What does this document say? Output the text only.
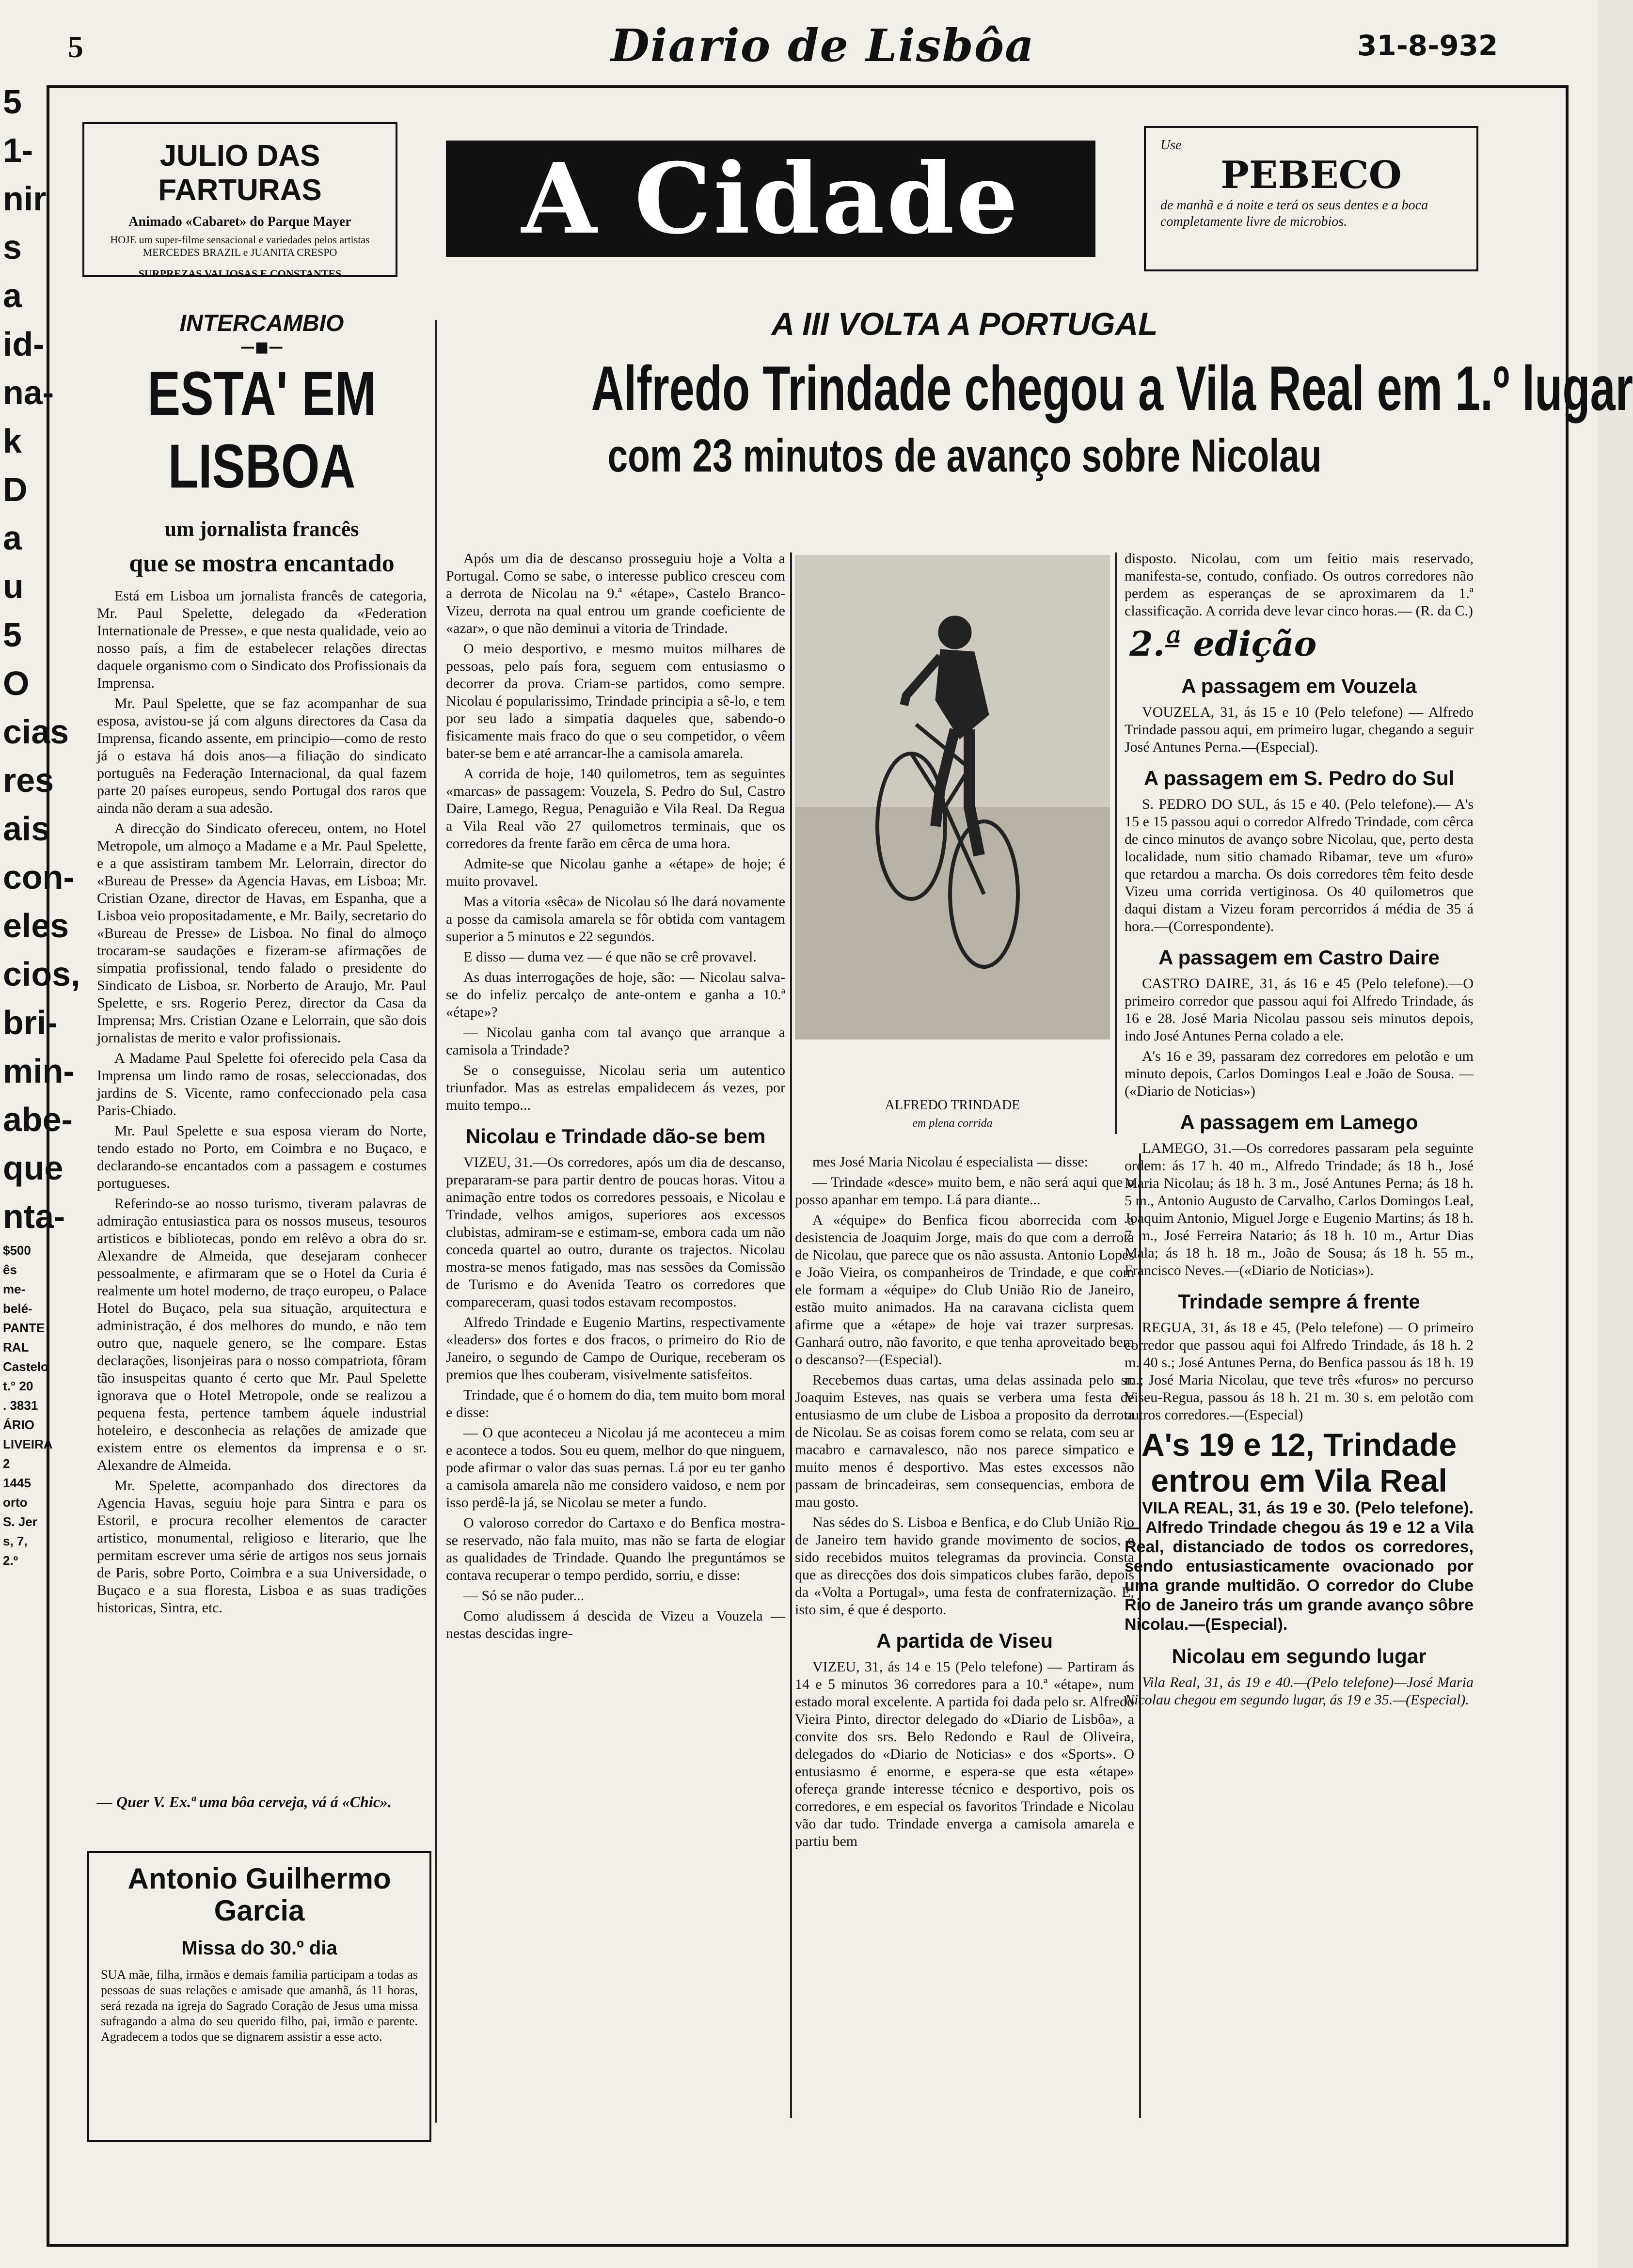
5	Diario de Lisbôa	31-8-932
5
1-
nir
s a
id-
na-
k
D
a
u
5
O
cias
res
ais
con-
eles
cios,
bri-
min-
abe-
que
nta-
$500
ês me-
belé-
PANTE
RAL
Castelo
t.° 20
. 3831
ÁRIO
LIVEIRA
2 1445
orto
S. Jer
s, 7, 2.º
JULIO DAS FARTURAS
Animado «Cabaret» do Parque Mayer
HOJE um super-filme sensacional e variedades pelos artistas MERCEDES BRAZIL e JUANITA CRESPO
SURPREZAS VALIOSAS E CONSTANTES
A Cidade	Use
PEBECO
de manhã e á noite e terá os seus dentes e a boca completamente livre de microbios.
INTERCAMBIO
—■—
ESTA' EM LISBOA
um jornalista francês
que se mostra encantado

Está em Lisboa um jornalista francês de categoria, Mr. Paul Spelette, delegado da «Federation Internationale de Presse», e que nesta qualidade, veio ao nosso país, a fim de estabelecer relações directas daquele organismo com o Sindicato dos Profissionais da Imprensa.

Mr. Paul Spelette, que se faz acompanhar de sua esposa, avistou-se já com alguns directores da Casa da Imprensa, ficando assente, em principio—como de resto já o estava há dois anos—a filiação do sindicato português na Federação Internacional, da qual fazem parte 20 países europeus, sendo Portugal dos raros que ainda não deram a sua adesão.

A direcção do Sindicato ofereceu, ontem, no Hotel Metropole, um almoço a Madame e a Mr. Paul Spelette, e a que assistiram tambem Mr. Lelorrain, director do «Bureau de Presse» da Agencia Havas, em Lisboa; Mr. Cristian Ozane, director de Havas, em Espanha, que a Lisboa veio propositadamente, e Mr. Baily, secretario do «Bureau de Presse» de Lisboa. No final do almoço trocaram-se saudações e fizeram-se afirmações de simpatia profissional, tendo falado o presidente do Sindicato de Lisboa, sr. Norberto de Araujo, Mr. Paul Spelette, e srs. Rogerio Perez, director da Casa da Imprensa; Mrs. Cristian Ozane e Lelorrain, que são dois jornalistas de merito e valor profissionais.

A Madame Paul Spelette foi oferecido pela Casa da Imprensa um lindo ramo de rosas, seleccionadas, dos jardins de S. Vicente, ramo confeccionado pela casa Paris-Chiado.

Mr. Paul Spelette e sua esposa vieram do Norte, tendo estado no Porto, em Coimbra e no Buçaco, e declarando-se encantados com a passagem e costumes portugueses.

Referindo-se ao nosso turismo, tiveram palavras de admiração entusiastica para os nossos museus, tesouros artisticos e bibliotecas, pondo em relêvo a obra do sr. Alexandre de Almeida, que desejaram conhecer pessoalmente, e afirmaram que se o Hotel da Curia é realmente um hotel moderno, de traço europeu, o Palace Hotel do Buçaco, pela sua situação, arquitectura e administração, é dos melhores do mundo, e não tem outro que, naquele genero, se lhe compare. Estas declarações, lisonjeiras para o nosso compatriota, fôram tão insuspeitas quanto é certo que Mr. Paul Spelette ignorava que o Hotel Metropole, onde se realizou a pequena festa, pertence tambem áquele industrial hoteleiro, e desconhecia as relações de amizade que existem entre os elementos da imprensa e o sr. Alexandre de Almeida.

Mr. Spelette, acompanhado dos directores da Agencia Havas, seguiu hoje para Sintra e para os Estoril, e procura recolher elementos de caracter artistico, monumental, religioso e literario, que lhe permitam escrever uma série de artigos nos seus jornais de Paris, sobre Porto, Coimbra e a sua Universidade, o Buçaco e a sua floresta, Lisboa e as suas tradições historicas, Sintra, etc.

— Quer V. Ex.ª uma bôa cerveja, vá á «Chic».
Antonio Guilhermo Garcia
Missa do 30.º dia
SUA mãe, filha, irmãos e demais familia participam a todas as pessoas de suas relações e amisade que amanhã, ás 11 horas, será rezada na igreja do Sagrado Coração de Jesus uma missa sufragando a alma do seu querido filho, pai, irmão e parente. Agradecem a todos que se dignarem assistir a esse acto.
A III VOLTA A PORTUGAL
Alfredo Trindade chegou a Vila Real em 1.º lugar
com 23 minutos de avanço sobre Nicolau

Após um dia de descanso prosseguiu hoje a Volta a Portugal. Como se sabe, o interesse publico cresceu com a derrota de Nicolau na 9.ª «étape», Castelo Branco-Vizeu, derrota na qual entrou um grande coeficiente de «azar», o que não deminui a vitoria de Trindade.

O meio desportivo, e mesmo muitos milhares de pessoas, pelo país fora, seguem com entusiasmo o decorrer da prova. Criam-se partidos, como sempre. Nicolau é popularissimo, Trindade principia a sê-lo, e tem por seu lado a simpatia daqueles que, sabendo-o fisicamente mais fraco do que o seu competidor, o vêem bater-se bem e até arrancar-lhe a camisola amarela.

A corrida de hoje, 140 quilometros, tem as seguintes «marcas» de passagem: Vouzela, S. Pedro do Sul, Castro Daire, Lamego, Regua, Penaguião e Vila Real. Da Regua a Vila Real vão 27 quilometros terminais, que os corredores da frente farão em cêrca de uma hora.

Admite-se que Nicolau ganhe a «étape» de hoje; é muito provavel.

Mas a vitoria «sêca» de Nicolau só lhe dará novamente a posse da camisola amarela se fôr obtida com vantagem superior a 5 minutos e 22 segundos.

E disso — duma vez — é que não se crê provavel.

As duas interrogações de hoje, são: — Nicolau salva-se do infeliz percalço de ante-ontem e ganha a 10.ª «étape»?

— Nicolau ganha com tal avanço que arranque a camisola a Trindade?

Se o conseguisse, Nicolau seria um autentico triunfador. Mas as estrelas empalidecem ás vezes, por muito tempo...

Nicolau e Trindade dão-se bem

VIZEU, 31.—Os corredores, após um dia de descanso, prepararam-se para partir dentro de poucas horas. Vitou a animação entre todos os corredores pessoais, e Nicolau e Trindade, velhos amigos, superiores aos excessos clubistas, admiram-se e estimam-se, embora cada um não conceda quartel ao outro, durante os trajectos. Nicolau mostra-se menos fatigado, mas nas sessões da Comissão de Turismo e do Avenida Teatro os corredores que compareceram, quasi todos estavam recompostos.

Alfredo Trindade e Eugenio Martins, respectivamente «leaders» dos fortes e dos fracos, o primeiro do Rio de Janeiro, o segundo de Campo de Ourique, receberam os premios que lhes couberam, visivelmente satisfeitos.

Trindade, que é o homem do dia, tem muito bom moral e disse:

— O que aconteceu a Nicolau já me aconteceu a mim e acontece a todos. Sou eu quem, melhor do que ninguem, pode afirmar o valor das suas pernas. Lá por eu ter ganho a camisola amarela não me considero vaidoso, e nem por isso perdê-la já, se Nicolau se meter a fundo.

O valoroso corredor do Cartaxo e do Benfica mostra-se reservado, não fala muito, mas não se farta de elogiar as qualidades de Trindade. Quando lhe preguntámos se contava recuperar o tempo perdido, sorriu, e disse:

— Só se não puder...

Como aludissem á descida de Vizeu a Vouzela — nestas descidas ingre-

ALFREDO TRINDADE
em plena corrida

mes José Maria Nicolau é especialista — disse:

— Trindade «desce» muito bem, e não será aqui que o posso apanhar em tempo. Lá para diante...

A «équipe» do Benfica ficou aborrecida com a desistencia de Joaquim Jorge, mais do que com a derrota de Nicolau, que parece que os não assusta. Antonio Lopes e João Vieira, os companheiros de Trindade, e que com ele formam a «équipe» do Club União Rio de Janeiro, estão muito animados. Ha na caravana ciclista quem afirme que a «étape» de hoje vai trazer surpresas. Ganhará outro, não favorito, e que tenha aproveitado bem o descanso?—(Especial).

Recebemos duas cartas, uma delas assinada pelo sr. Joaquim Esteves, nas quais se verbera uma festa de entusiasmo de um clube de Lisboa a proposito da derrota de Nicolau. Se as coisas forem como se relata, com seu ar macabro e carnavalesco, não nos parece simpatico e muito menos é desportivo. Mas estes excessos não passam de brincadeiras, sem consequencias, embora de mau gosto.

Nas sédes do S. Lisboa e Benfica, e do Club União Rio de Janeiro tem havido grande movimento de socios, e sido recebidos muitos telegramas da provincia. Consta que as direcções dos dois simpaticos clubes farão, depois da «Volta a Portugal», uma festa de confraternização. E, isto sim, é que é desporto.

A partida de Viseu

VIZEU, 31, ás 14 e 15 (Pelo telefone) — Partiram ás 14 e 5 minutos 36 corredores para a 10.ª «étape», num estado moral excelente. A partida foi dada pelo sr. Alfredo Vieira Pinto, director delegado do «Diario de Lisbôa», a convite dos srs. Belo Redondo e Raul de Oliveira, delegados do «Diario de Noticias» e dos «Sports». O entusiasmo é enorme, e espera-se que esta «étape» ofereça grande interesse técnico e desportivo, pois os corredores, e em especial os favoritos Trindade e Nicolau vão dar tudo. Trindade enverga a camisola amarela e partiu bem

disposto. Nicolau, com um feitio mais reservado, manifesta-se, contudo, confiado. Os outros corredores não perdem as esperanças de se aproximarem da 1.ª classificação. A corrida deve levar cinco horas.— (R. da C.)

2.ª edição
A passagem em Vouzela

VOUZELA, 31, ás 15 e 10 (Pelo telefone) — Alfredo Trindade passou aqui, em primeiro lugar, chegando a seguir José Antunes Perna.—(Especial).

A passagem em S. Pedro do Sul

S. PEDRO DO SUL, ás 15 e 40. (Pelo telefone).— A's 15 e 15 passou aqui o corredor Alfredo Trindade, com cêrca de cinco minutos de avanço sobre Nicolau, que, perto desta localidade, num sitio chamado Ribamar, teve um «furo» que retardou a marcha. Os dois corredores têm feito desde Vizeu uma corrida vertiginosa. Os 40 quilometros que daqui distam a Vizeu foram percorridos á média de 35 á hora.—(Correspondente).

A passagem em Castro Daire

CASTRO DAIRE, 31, ás 16 e 45 (Pelo telefone).—O primeiro corredor que passou aqui foi Alfredo Trindade, ás 16 e 28. José Maria Nicolau passou seis minutos depois, indo José Antunes Perna colado a ele.

A's 16 e 39, passaram dez corredores em pelotão e um minuto depois, Carlos Domingos Leal e João de Sousa. —(«Diario de Noticias»)

A passagem em Lamego

LAMEGO, 31.—Os corredores passaram pela seguinte ordem: ás 17 h. 40 m., Alfredo Trindade; ás 18 h., José Maria Nicolau; ás 18 h. 3 m., José Antunes Perna; ás 18 h. 5 m., Antonio Augusto de Carvalho, Carlos Domingos Leal, Joaquim Antonio, Miguel Jorge e Eugenio Martins; ás 18 h. 7 m., José Ferreira Natario; ás 18 h. 10 m., Artur Dias Mala; ás 18 h. 18 m., João de Sousa; ás 18 h. 55 m., Francisco Neves.—(«Diario de Noticias»).

Trindade sempre á frente

REGUA, 31, ás 18 e 45, (Pelo telefone) — O primeiro corredor que passou aqui foi Alfredo Trindade, ás 18 h. 2 m. 40 s.; José Antunes Perna, do Benfica passou ás 18 h. 19 m.; José Maria Nicolau, que teve três «furos» no percurso Viseu-Regua, passou ás 18 h. 21 m. 30 s. em pelotão com outros corredores.—(Especial)

A's 19 e 12, Trindade entrou em Vila Real

VILA REAL, 31, ás 19 e 30. (Pelo telefone).— Alfredo Trindade chegou ás 19 e 12 a Vila Real, distanciado de todos os corredores, sendo entusiasticamente ovacionado por uma grande multidão. O corredor do Clube Rio de Janeiro trás um grande avanço sôbre Nicolau.—(Especial).

Nicolau em segundo lugar

Vila Real, 31, ás 19 e 40.—(Pelo telefone)—José Maria Nicolau chegou em segundo lugar, ás 19 e 35.—(Especial).
